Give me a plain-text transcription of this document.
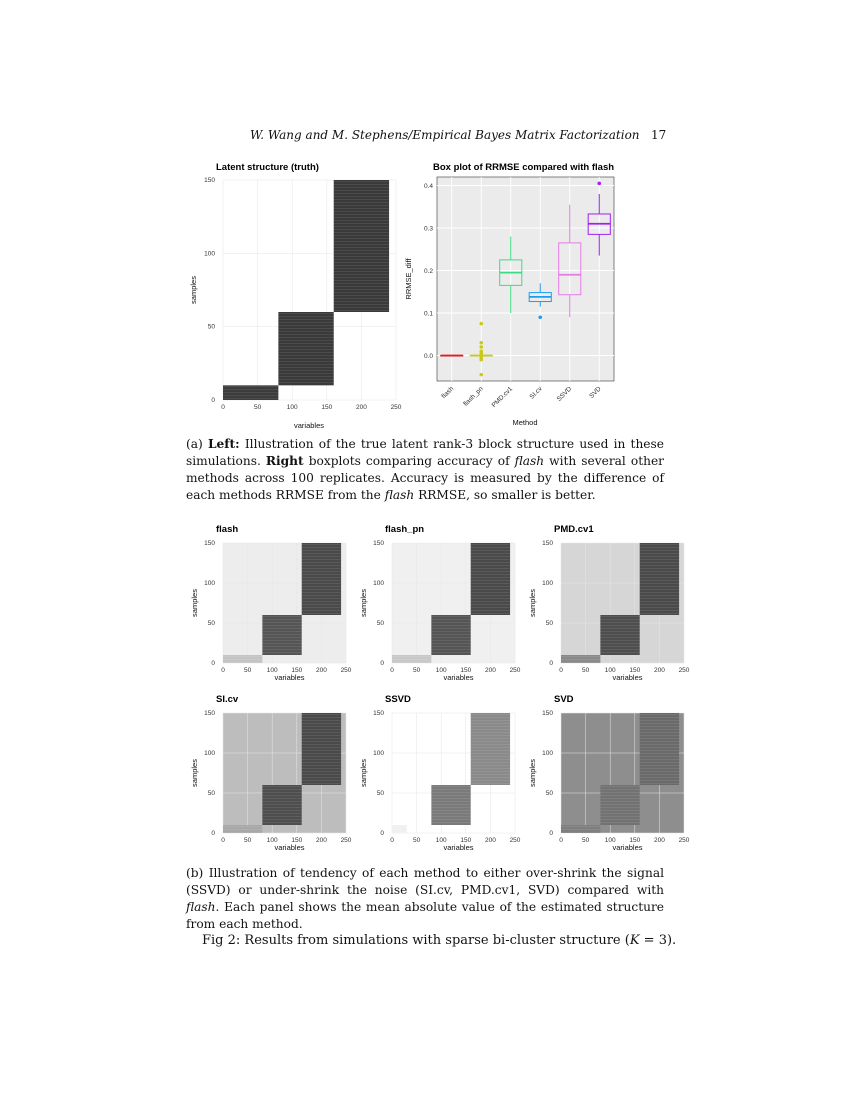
W. Wang and M. Stephens/Empirical Bayes Matrix Factorization 17
Latent structure (truth)
0	50	100	150	200	250
0
50
100
150
variables
samples
Box plot of RRMSE compared with flash
0.0
0.1
0.2
0.3
0.4
flash flash_pn PMD.cv1 SI.cv SSVD SVD
Method
RRMSE_diff
flash
0	50 100 150 200 250
0
50
100
150
variables
samples
flash_pn
0	50 100 150 200 250
0
50
100
150
variables
samples
PMD.cv1
0	50 100 150 200 250
0
50
100
150
variables
samples
SI.cv
0	50 100 150 200 250
0
50
100
150
variables
samples
SSVD
0	50 100 150 200 250
0
50
100
150
variables
samples
SVD
0	50 100 150 200 250
0
50
100
150
variables
samples
(a) Left: Illustration of the true latent rank-3 block structure used in these simulations. Right boxplots comparing accuracy of flash with several other methods across 100 replicates. Accuracy is measured by the difference of each methods RRMSE from the flash RRMSE, so smaller is better.
(b) Illustration of tendency of each method to either over-shrink the signal (SSVD) or under-shrink the noise (SI.cv, PMD.cv1, SVD) compared with flash. Each panel shows the mean absolute value of the estimated structure from each method.
Fig 2: Results from simulations with sparse bi-cluster structure (K = 3).
